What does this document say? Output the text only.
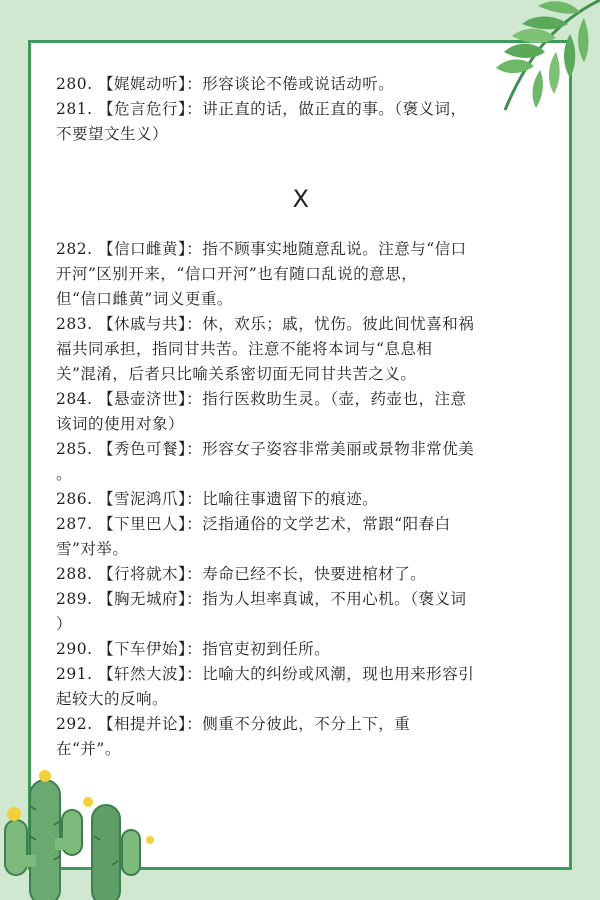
280. 【娓娓动听】：形容谈论不倦或说话动听。
281. 【危言危行】：讲正直的话，做正直的事。（褒义词，
不要望文生义）
X
282. 【信口雌黄】：指不顾事实地随意乱说。注意与“信口
开河”区别开来，“信口开河”也有随口乱说的意思，
但“信口雌黄”词义更重。
283. 【休戚与共】：休，欢乐；戚，忧伤。彼此间忧喜和祸
福共同承担，指同甘共苦。注意不能将本词与“息息相
关”混淆，后者只比喻关系密切面无同甘共苦之义。
284. 【悬壶济世】：指行医救助生灵。（壶，药壶也，注意
该词的使用对象）
285. 【秀色可餐】：形容女子姿容非常美丽或景物非常优美
。
286. 【雪泥鸿爪】：比喻往事遗留下的痕迹。
287. 【下里巴人】：泛指通俗的文学艺术，常跟“阳春白
雪”对举。
288. 【行将就木】：寿命已经不长，快要进棺材了。
289. 【胸无城府】：指为人坦率真诚，不用心机。（褒义词
）
290. 【下车伊始】：指官吏初到任所。
291. 【轩然大波】：比喻大的纠纷或风潮，现也用来形容引
起较大的反响。
292. 【相提并论】：侧重不分彼此，不分上下，重
在“并”。
